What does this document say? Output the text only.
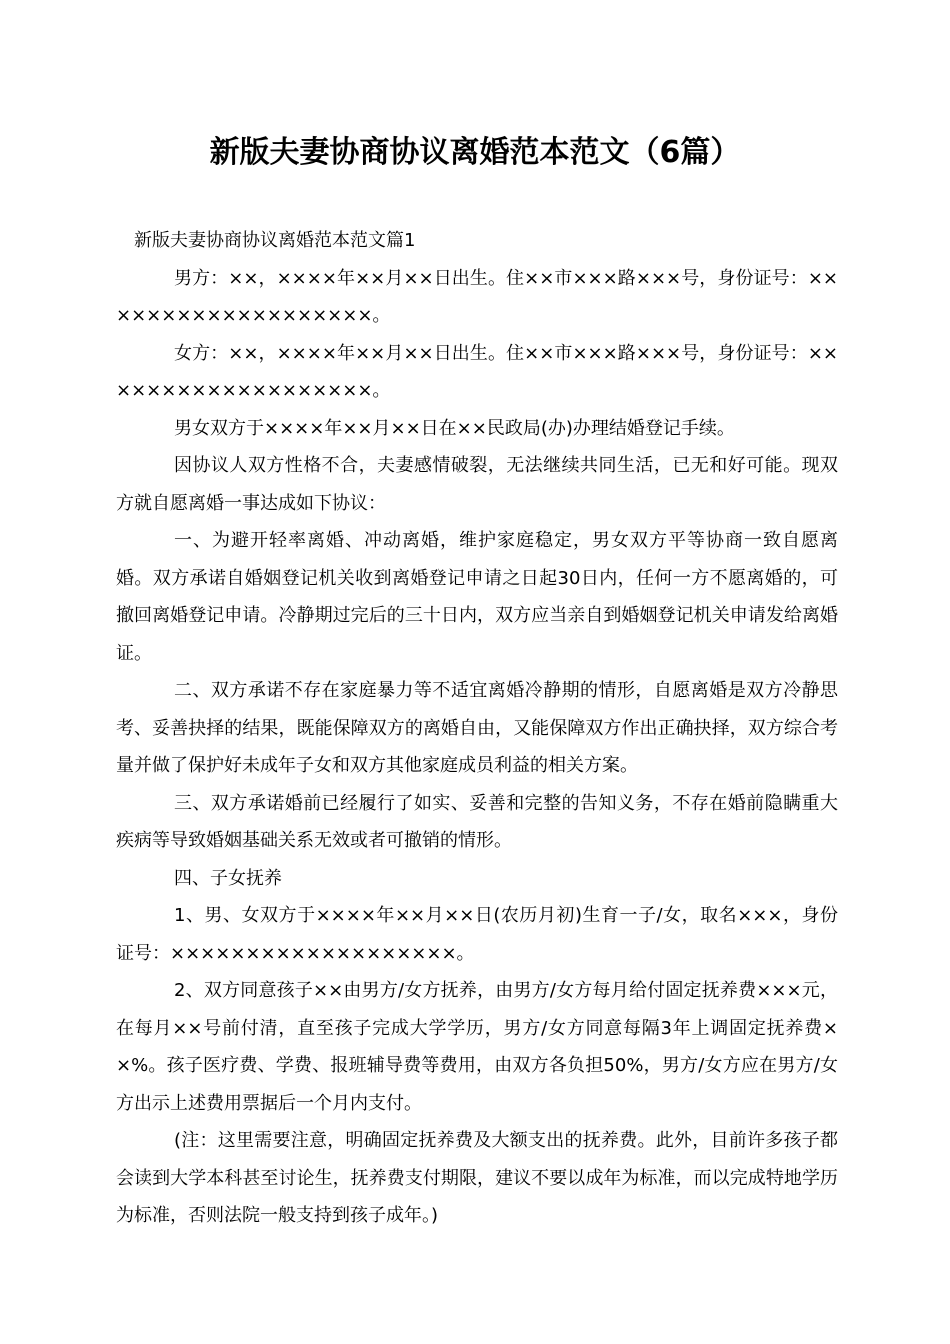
新版夫妻协商协议离婚范本范文（6篇）

新版夫妻协商协议离婚范本范文篇1

男方：××，××××年××月××日出生。住××市×××路×××号，身份证号：×××××××××××××××××××。

女方：××，××××年××月××日出生。住××市×××路×××号，身份证号：×××××××××××××××××××。

男女双方于××××年××月××日在××民政局(办)办理结婚登记手续。

因协议人双方性格不合，夫妻感情破裂，无法继续共同生活，已无和好可能。现双方就自愿离婚一事达成如下协议：

一、为避开轻率离婚、冲动离婚，维护家庭稳定，男女双方平等协商一致自愿离婚。双方承诺自婚姻登记机关收到离婚登记申请之日起30日内，任何一方不愿离婚的，可撤回离婚登记申请。冷静期过完后的三十日内，双方应当亲自到婚姻登记机关申请发给离婚证。

二、双方承诺不存在家庭暴力等不适宜离婚冷静期的情形，自愿离婚是双方冷静思考、妥善抉择的结果，既能保障双方的离婚自由，又能保障双方作出正确抉择，双方综合考量并做了保护好未成年子女和双方其他家庭成员利益的相关方案。

三、双方承诺婚前已经履行了如实、妥善和完整的告知义务，不存在婚前隐瞒重大疾病等导致婚姻基础关系无效或者可撤销的情形。

四、子女抚养

1、男、女双方于××××年××月××日(农历月初)生育一子/女，取名×××，身份证号：×××××××××××××××××××。

2、双方同意孩子××由男方/女方抚养，由男方/女方每月给付固定抚养费×××元，在每月××号前付清，直至孩子完成大学学历，男方/女方同意每隔3年上调固定抚养费××%。孩子医疗费、学费、报班辅导费等费用，由双方各负担50%，男方/女方应在男方/女方出示上述费用票据后一个月内支付。

(注：这里需要注意，明确固定抚养费及大额支出的抚养费。此外，目前许多孩子都会读到大学本科甚至讨论生，抚养费支付期限，建议不要以成年为标准，而以完成特地学历为标准，否则法院一般支持到孩子成年。)
